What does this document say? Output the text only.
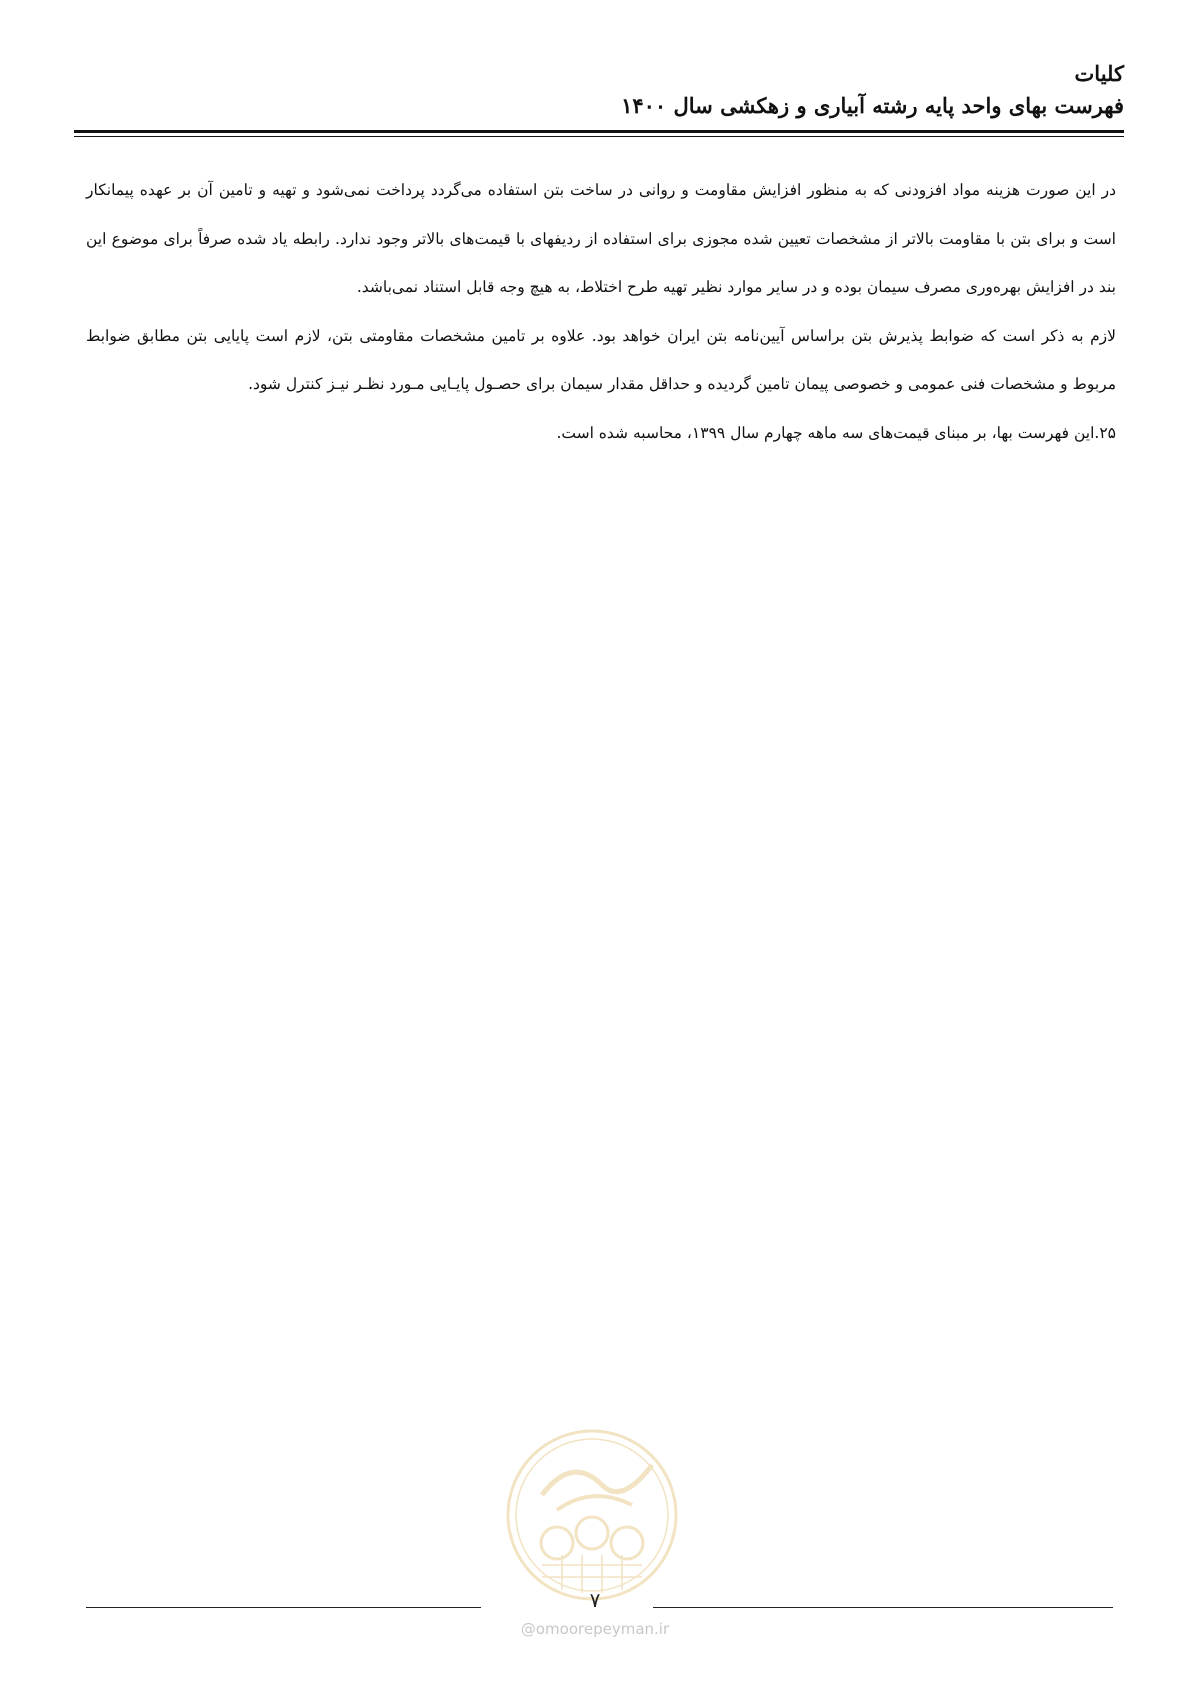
کلیات
فهرست بهای واحد پایه رشته آبیاری و زهکشی سال ۱۴۰۰

در این صورت هزینه مواد افزودنی که به منظور افزایش مقاومت و روانی در ساخت بتن استفاده می‌گردد پرداخت نمی‌شود و تهیه و تامین آن بر عهده پیمانکار است و برای بتن با مقاومت بالاتر از مشخصات تعیین شده مجوزی برای استفاده از ردیفهای با قیمت‌های بالاتر وجود ندارد. رابطه یاد شده صرفاً برای موضوع این بند در افزایش بهره‌وری مصرف سیمان بوده و در سایر موارد نظیر تهیه طرح اختلاط، به هیچ وجه قابل استناد نمی‌باشد.

لازم به ذکر است که ضوابط پذیرش بتن براساس آیین‌نامه بتن ایران خواهد بود. علاوه بر تامین مشخصات مقاومتی بتن، لازم است پایایی بتن مطابق ضوابط مربوط و مشخصات فنی عمومی و خصوصی پیمان تامین گردیده و حداقل مقدار سیمان برای حصـول پایـایی مـورد نظـر نیـز کنترل شود.

۲۵.این فهرست بها، بر مبنای قیمت‌های سه ماهه چهارم سال ۱۳۹۹، محاسبه شده است.

۷
@omoorepeyman.ir
